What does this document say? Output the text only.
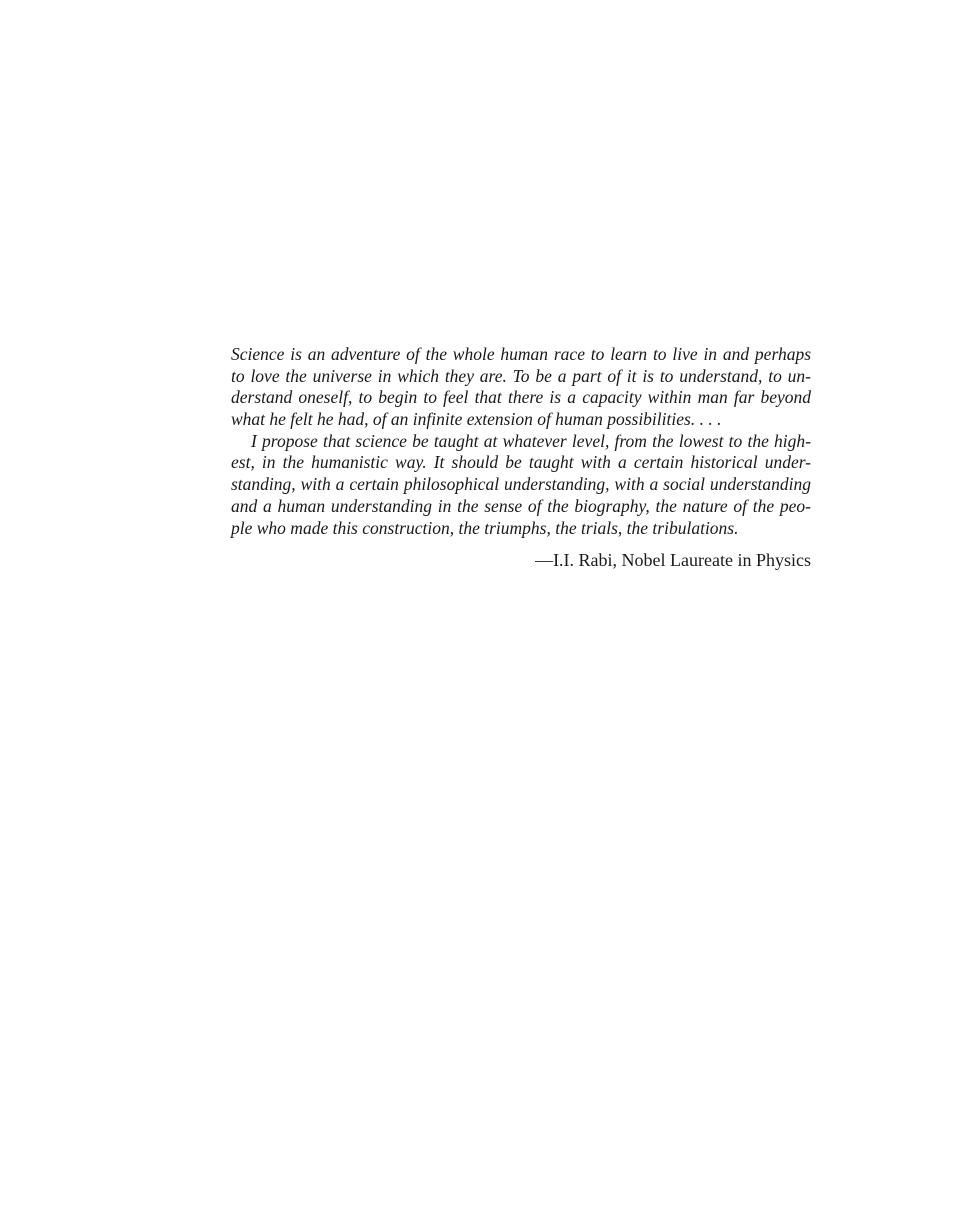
Science is an adventure of the whole human race to learn to live in and perhaps
to love the universe in which they are. To be a part of it is to understand, to un-
derstand oneself, to begin to feel that there is a capacity within man far beyond
what he felt he had, of an infinite extension of human possibilities. . . .
I propose that science be taught at whatever level, from the lowest to the high-
est, in the humanistic way. It should be taught with a certain historical under-
standing, with a certain philosophical understanding, with a social understanding
and a human understanding in the sense of the biography, the nature of the peo-
ple who made this construction, the triumphs, the trials, the tribulations.
—I.I. Rabi, Nobel Laureate in Physics
